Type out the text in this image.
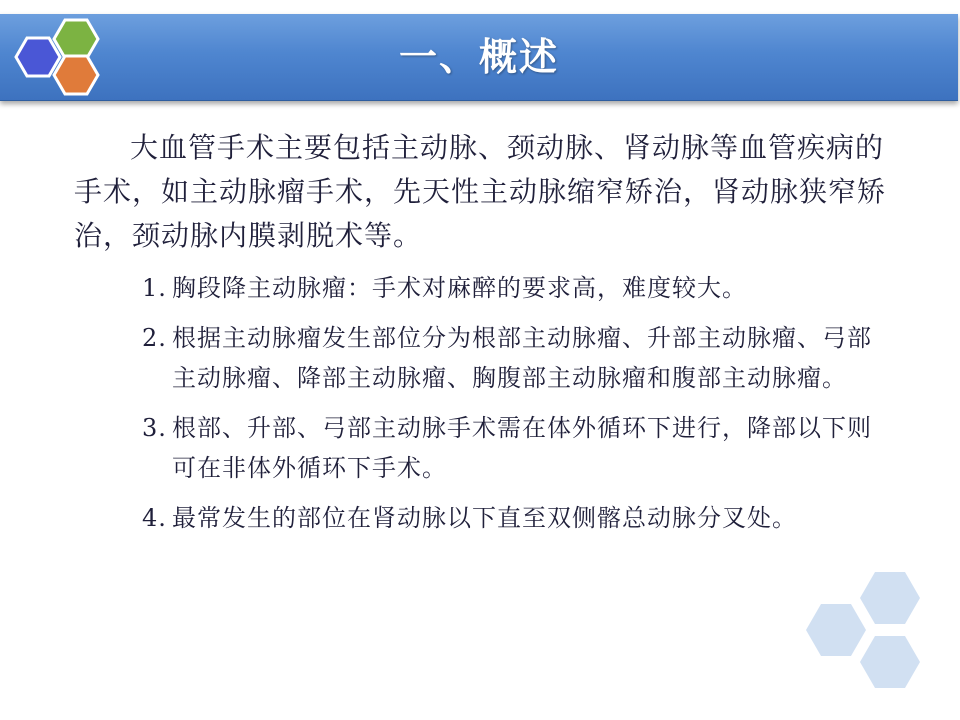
一、概述

大血管手术主要包括主动脉、颈动脉、肾动脉等血管疾病的手术，如主动脉瘤手术，先天性主动脉缩窄矫治，肾动脉狭窄矫治，颈动脉内膜剥脱术等。

1. 胸段降主动脉瘤：手术对麻醉的要求高，难度较大。
2. 根据主动脉瘤发生部位分为根部主动脉瘤、升部主动脉瘤、弓部主动脉瘤、降部主动脉瘤、胸腹部主动脉瘤和腹部主动脉瘤。
3. 根部、升部、弓部主动脉手术需在体外循环下进行，降部以下则可在非体外循环下手术。
4. 最常发生的部位在肾动脉以下直至双侧髂总动脉分叉处。
